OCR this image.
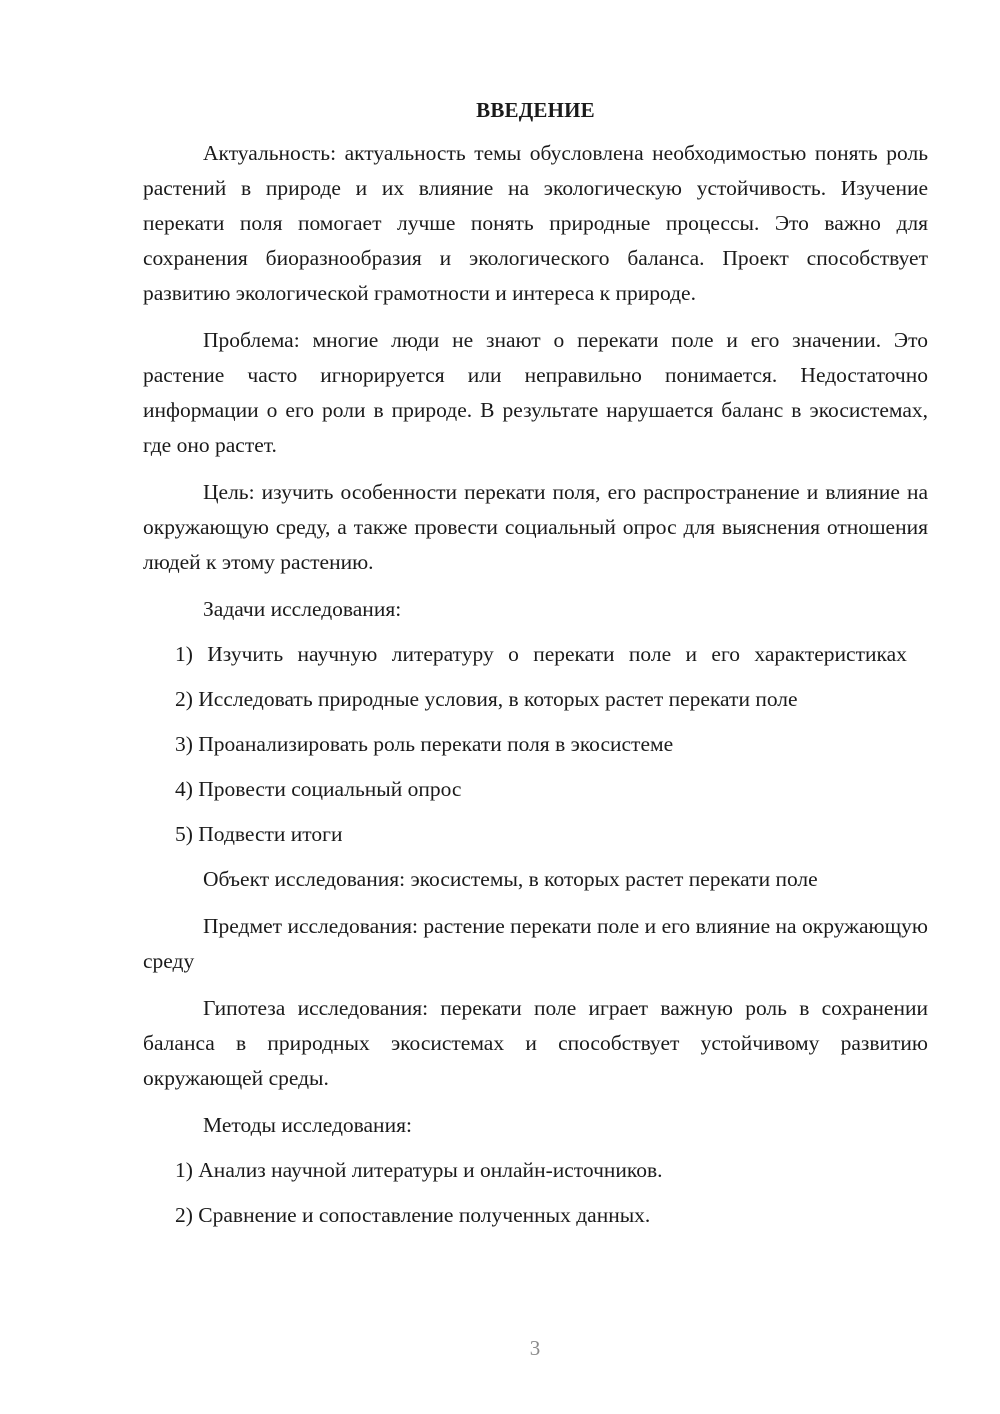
ВВЕДЕНИЕ

Актуальность: актуальность темы обусловлена необходимостью понять роль растений в природе и их влияние на экологическую устойчивость. Изучение перекати поля помогает лучше понять природные процессы. Это важно для сохранения биоразнообразия и экологического баланса. Проект способствует развитию экологической грамотности и интереса к природе.

Проблема: многие люди не знают о перекати поле и его значении. Это растение часто игнорируется или неправильно понимается. Недостаточно информации о его роли в природе. В результате нарушается баланс в экосистемах, где оно растет.

Цель: изучить особенности перекати поля, его распространение и влияние на окружающую среду, а также провести социальный опрос для выяснения отношения людей к этому растению.

Задачи исследования:

1) Изучить научную литературу о перекати поле и его характеристиках

2) Исследовать природные условия, в которых растет перекати поле

3) Проанализировать роль перекати поля в экосистеме

4) Провести социальный опрос

5) Подвести итоги

Объект исследования: экосистемы, в которых растет перекати поле

Предмет исследования: растение перекати поле и его влияние на окружающую среду

Гипотеза исследования: перекати поле играет важную роль в сохранении баланса в природных экосистемах и способствует устойчивому развитию окружающей среды.

Методы исследования:

1) Анализ научной литературы и онлайн-источников.

2) Сравнение и сопоставление полученных данных.

3
